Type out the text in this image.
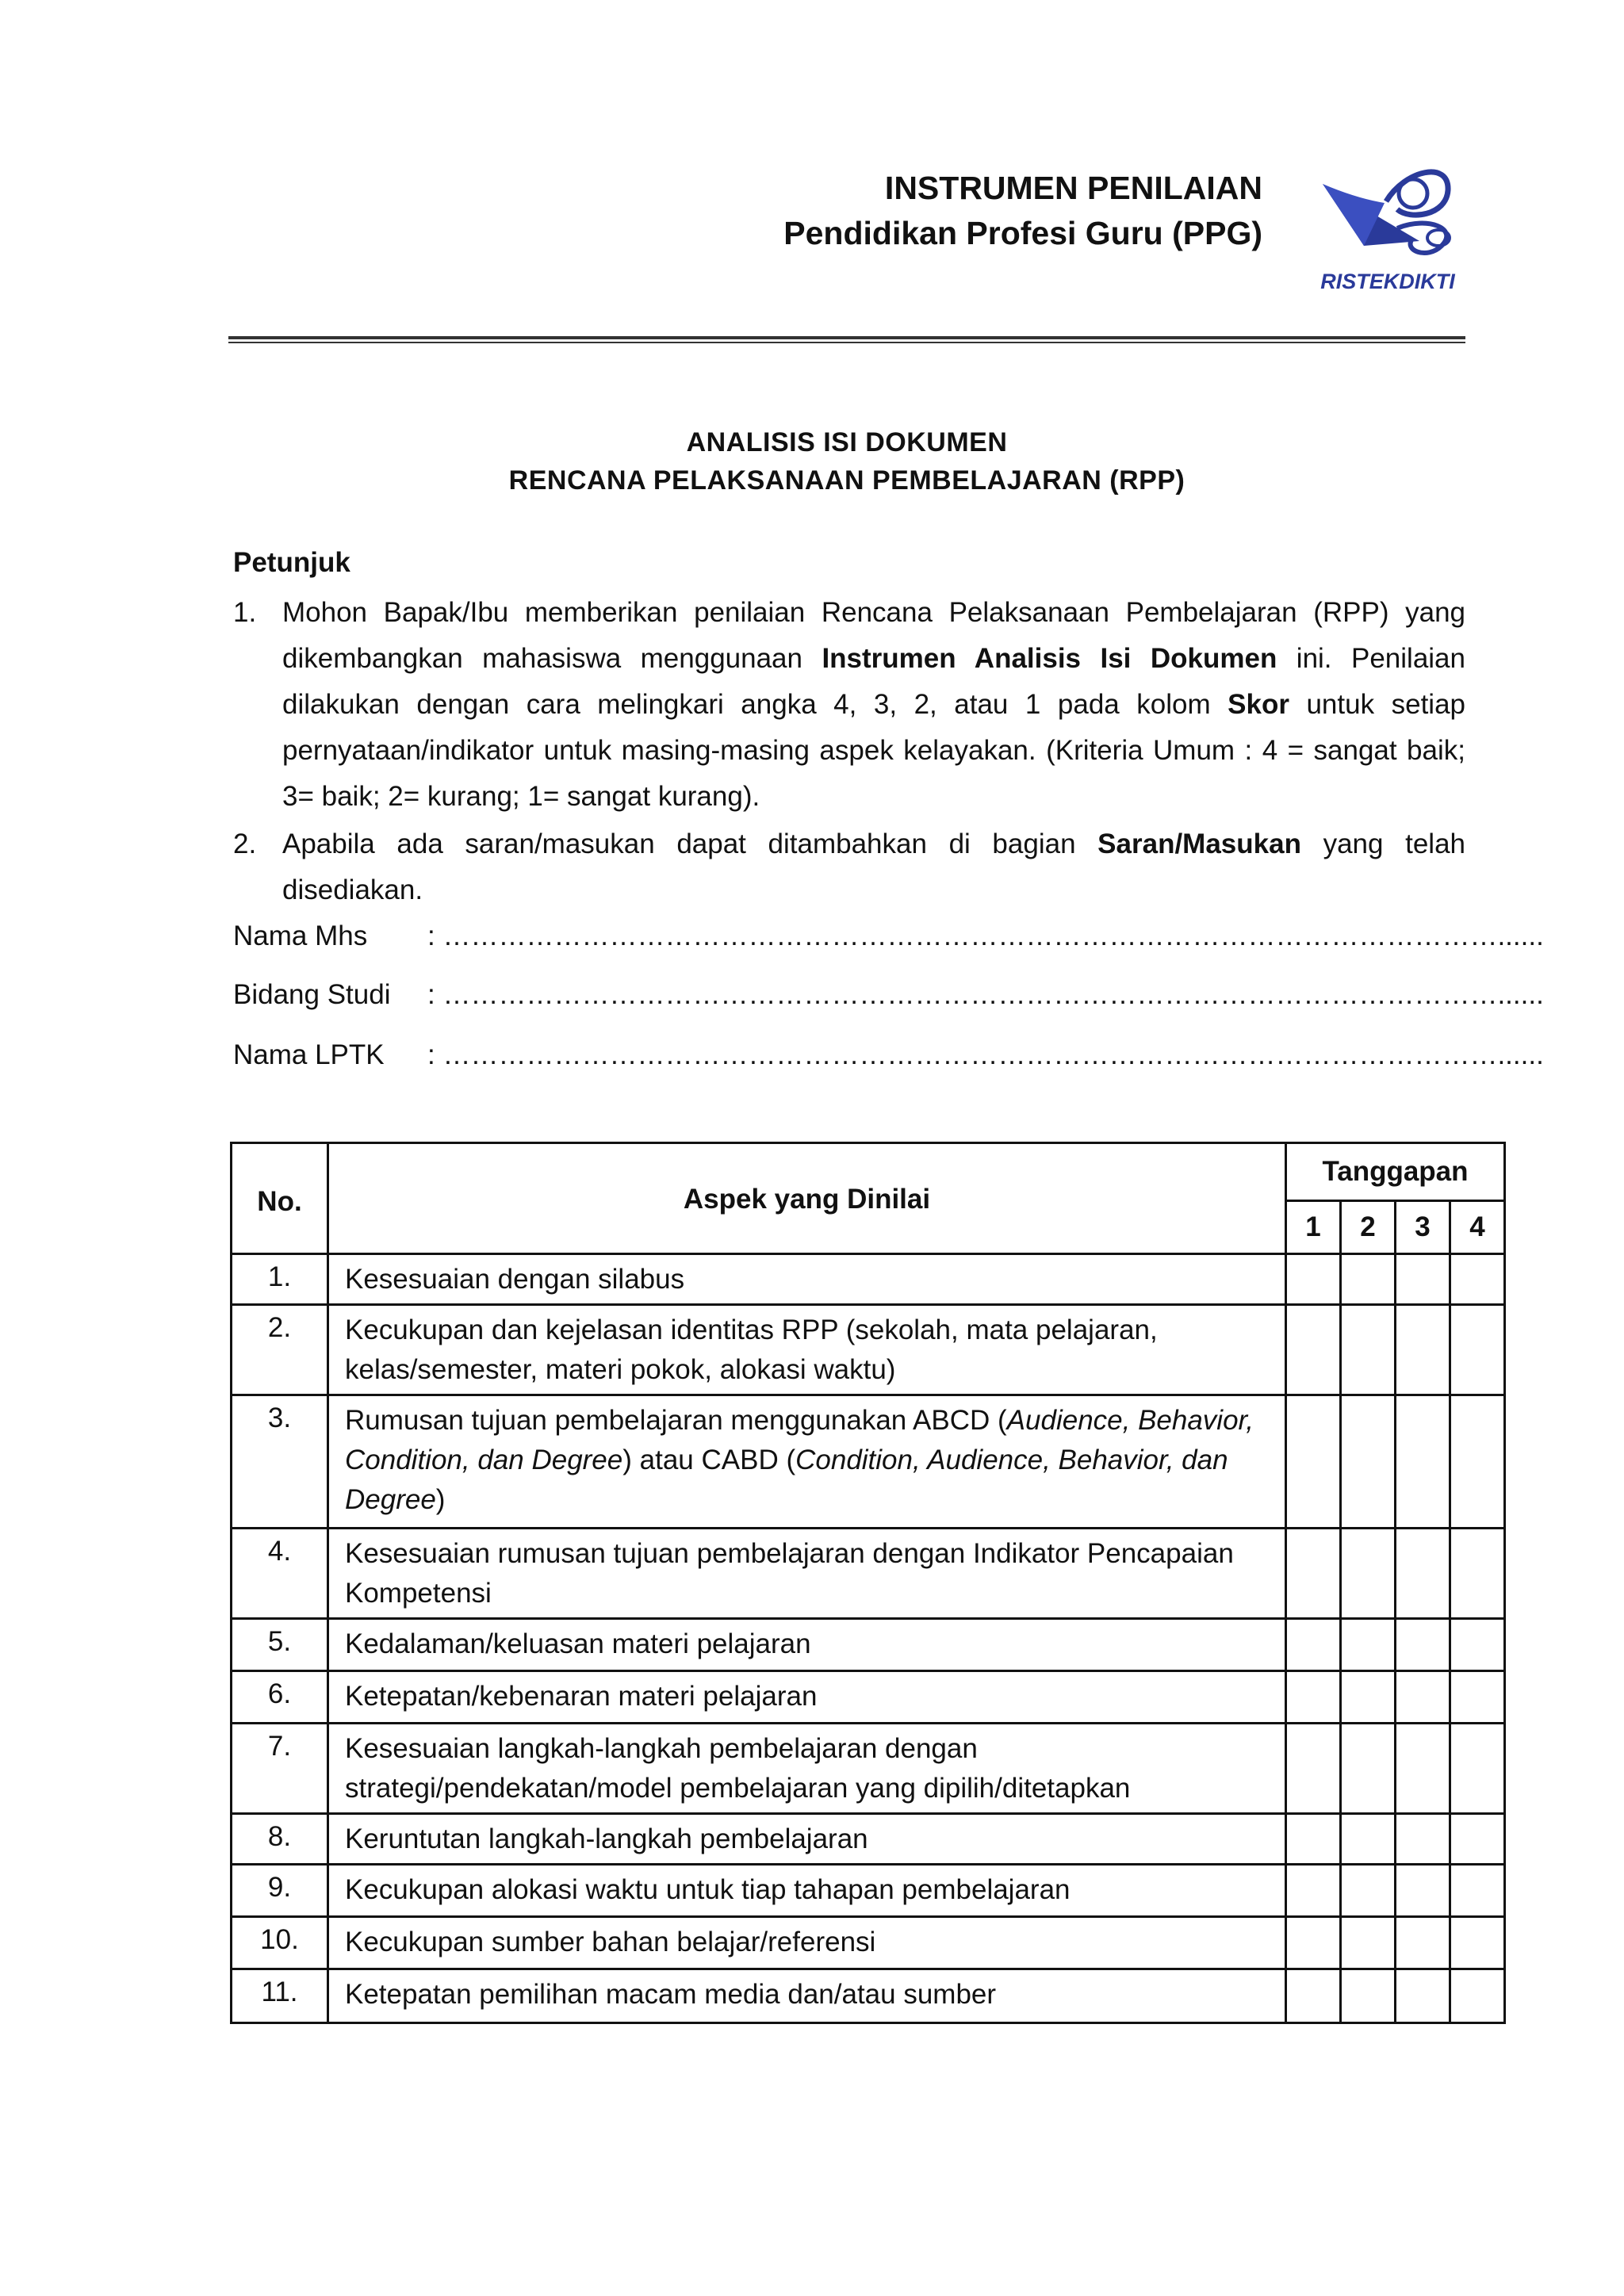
INSTRUMEN PENILAIAN
Pendidikan Profesi Guru (PPG)
RISTEKDIKTI
ANALISIS ISI DOKUMEN
RENCANA PELAKSANAAN PEMBELAJARAN (RPP)
Petunjuk
1. Mohon Bapak/Ibu memberikan penilaian Rencana Pelaksanaan Pembelajaran (RPP) yang dikembangkan mahasiswa menggunaan Instrumen Analisis Isi Dokumen ini. Penilaian dilakukan dengan cara melingkari angka 4, 3, 2, atau 1 pada kolom Skor untuk setiap pernyataan/indikator untuk masing-masing aspek kelayakan. (Kriteria Umum : 4 = sangat baik; 3= baik; 2= kurang; 1= sangat kurang).
2. Apabila ada saran/masukan dapat ditambahkan di bagian Saran/Masukan yang telah disediakan.
Nama Mhs : ……………………………………………………………………………………………………......
Bidang Studi : ……………………………………………………………………………………………………......
Nama LPTK : ……………………………………………………………………………………………………......
No.	Aspek yang Dinilai	Tanggapan			
		1	2	3	4
1.	Kesesuaian dengan silabus				
2.	Kecukupan dan kejelasan identitas RPP (sekolah, mata pelajaran, kelas/semester, materi pokok, alokasi waktu)				
3.	Rumusan tujuan pembelajaran menggunakan ABCD (Audience, Behavior, Condition, dan Degree) atau CABD (Condition, Audience, Behavior, dan Degree)				
4.	Kesesuaian rumusan tujuan pembelajaran dengan Indikator Pencapaian Kompetensi				
5.	Kedalaman/keluasan materi pelajaran				
6.	Ketepatan/kebenaran materi pelajaran				
7.	Kesesuaian langkah-langkah pembelajaran dengan strategi/pendekatan/model pembelajaran yang dipilih/ditetapkan				
8.	Keruntutan langkah-langkah pembelajaran				
9.	Kecukupan alokasi waktu untuk tiap tahapan pembelajaran				
10.	Kecukupan sumber bahan belajar/referensi				
11.	Ketepatan pemilihan macam media dan/atau sumber				
